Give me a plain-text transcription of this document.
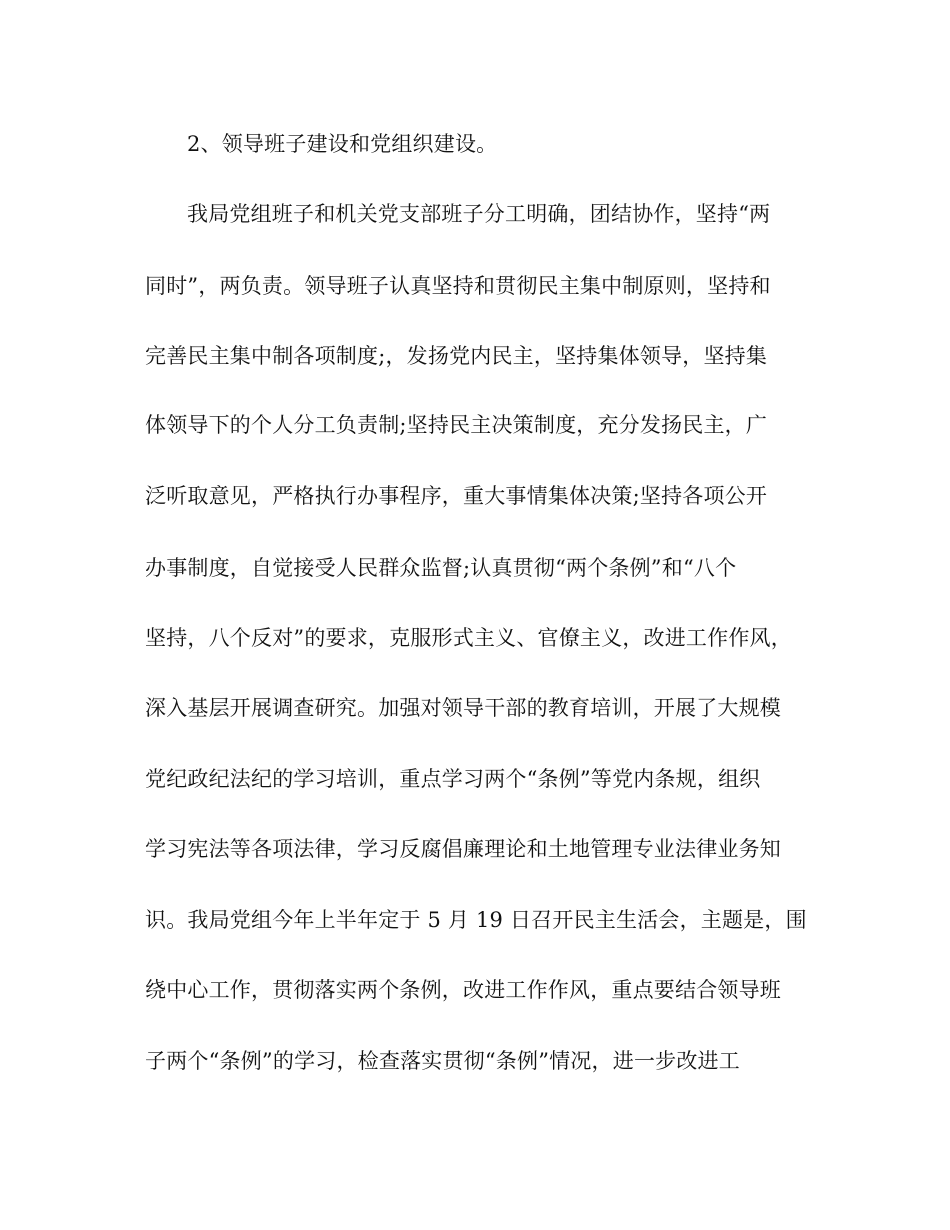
2、领导班子建设和党组织建设。
我局党组班子和机关党支部班子分工明确，团结协作，坚持“两
同时”，两负责。领导班子认真坚持和贯彻民主集中制原则，坚持和
完善民主集中制各项制度;，发扬党内民主，坚持集体领导，坚持集
体领导下的个人分工负责制;坚持民主决策制度，充分发扬民主，广
泛听取意见，严格执行办事程序，重大事情集体决策;坚持各项公开
办事制度，自觉接受人民群众监督;认真贯彻“两个条例”和“八个
坚持，八个反对”的要求，克服形式主义、官僚主义，改进工作作风，
深入基层开展调查研究。加强对领导干部的教育培训，开展了大规模
党纪政纪法纪的学习培训，重点学习两个“条例”等党内条规，组织
学习宪法等各项法律，学习反腐倡廉理论和土地管理专业法律业务知
识。我局党组今年上半年定于 5 月 19 日召开民主生活会，主题是，围
绕中心工作，贯彻落实两个条例，改进工作作风，重点要结合领导班
子两个“条例”的学习，检查落实贯彻“条例”情况，进一步改进工
